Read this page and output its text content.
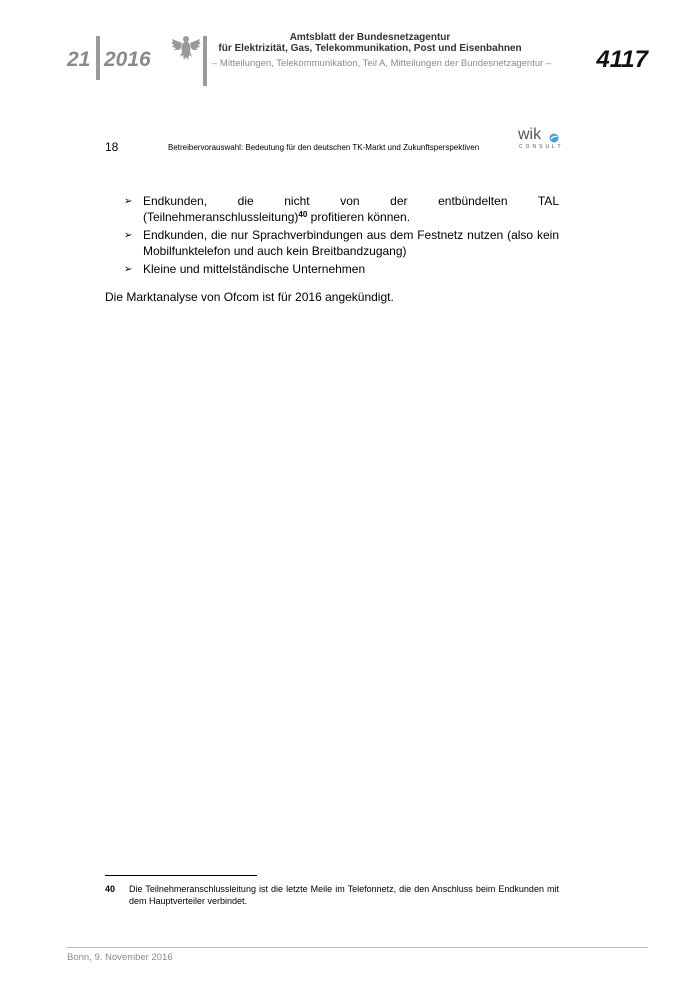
21 2016
Amtsblatt der Bundesnetzagentur
für Elektrizität, Gas, Telekommunikation, Post und Eisenbahnen
– Mitteilungen, Telekommunikation, Teil A, Mitteilungen der Bundesnetzagentur – 4117
18	Betreibervorauswahl: Bedeutung für den deutschen TK-Markt und Zukunftsperspektiven
wik
CONSULT
➢ Endkunden, die nicht von der entbündelten TAL (Teilnehmeranschlussleitung)$^{40}$ profitieren können.
➢ Endkunden, die nur Sprachverbindungen aus dem Festnetz nutzen (also kein Mobilfunktelefon und auch kein Breitbandzugang)
➢ Kleine und mittelständische Unternehmen
Die Marktanalyse von Ofcom ist für 2016 angekündigt.
40 Die Teilnehmeranschlussleitung ist die letzte Meile im Telefonnetz, die den Anschluss beim Endkunden mit dem Hauptverteiler verbindet.
Bonn, 9. November 2016
